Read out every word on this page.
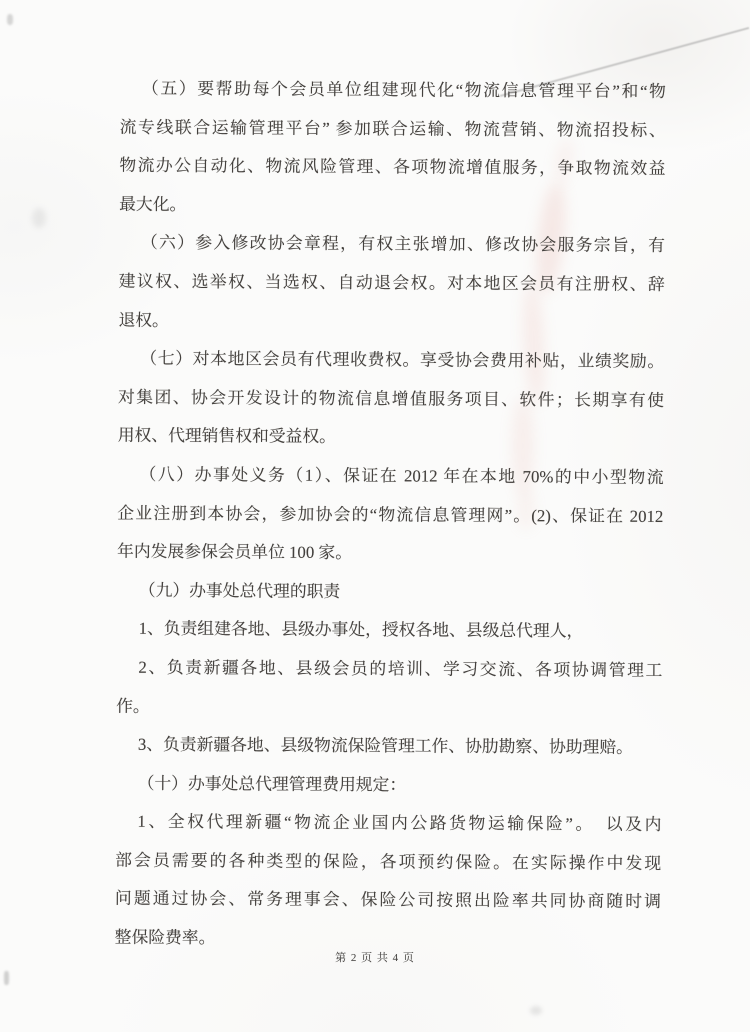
（五）要帮助每个会员单位组建现代化“物流信息管理平台”和“物
流专线联合运输管理平台” 参加联合运输、物流营销、物流招投标、
物流办公自动化、物流风险管理、各项物流增值服务，争取物流效益
最大化。
（六）参入修改协会章程，有权主张增加、修改协会服务宗旨，有
建议权、选举权、当选权、自动退会权。对本地区会员有注册权、辞
退权。
（七）对本地区会员有代理收费权。享受协会费用补贴，业绩奖励。
对集团、协会开发设计的物流信息增值服务项目、软件；长期享有使
用权、代理销售权和受益权。
（八）办事处义务（1）、保证在 2012 年在本地 70%的中小型物流
企业注册到本协会，参加协会的“物流信息管理网”。(2)、保证在 2012
年内发展参保会员单位 100 家。
（九）办事处总代理的职责
1、负责组建各地、县级办事处，授权各地、县级总代理人，
2、负责新疆各地、县级会员的培训、学习交流、各项协调管理工
作。
3、负责新疆各地、县级物流保险管理工作、协肋勘察、协助理赔。
（十）办事处总代理管理费用规定：
1、全权代理新疆“物流企业国内公路货物运输保险”。　以及内
部会员需要的各种类型的保险，各项预约保险。在实际操作中发现
问题通过协会、常务理事会、保险公司按照出险率共同协商随时调
整保险费率。
第 2 页 共 4 页
